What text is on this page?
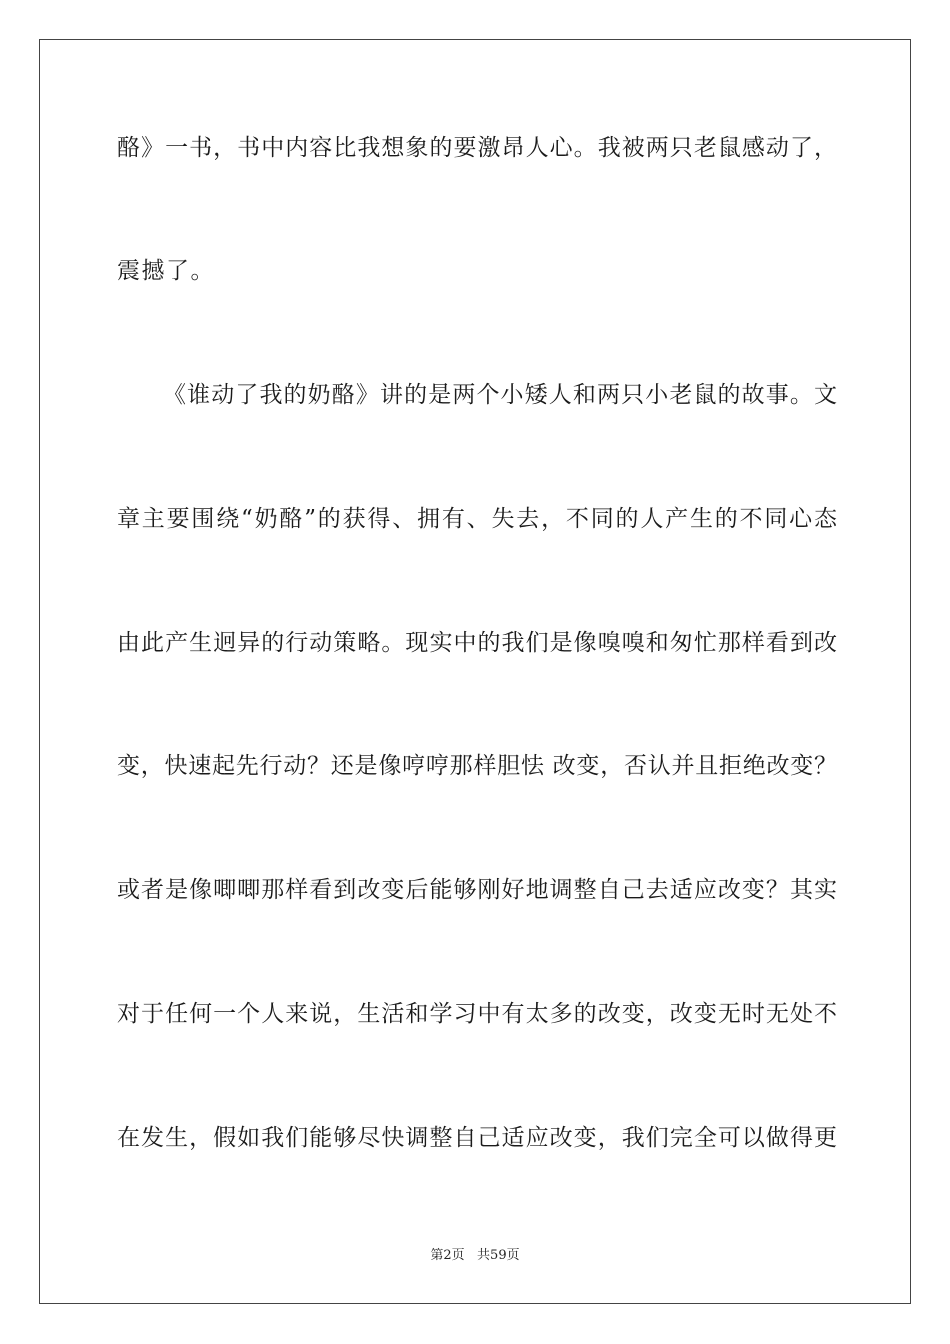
酪》一书，书中内容比我想象的要激昂人心。我被两只老鼠感动了，
震撼了。
《谁动了我的奶酪》讲的是两个小矮人和两只小老鼠的故事。文
章主要围绕“奶酪”的获得、拥有、失去，不同的人产生的不同心态
由此产生迥异的行动策略。现实中的我们是像嗅嗅和匆忙那样看到改
变，快速起先行动？还是像哼哼那样胆怯 改变，否认并且拒绝改变？
或者是像唧唧那样看到改变后能够刚好地调整自己去适应改变？其实
对于任何一个人来说，生活和学习中有太多的改变，改变无时无处不
在发生，假如我们能够尽快调整自己适应改变，我们完全可以做得更
第2页   共59页
